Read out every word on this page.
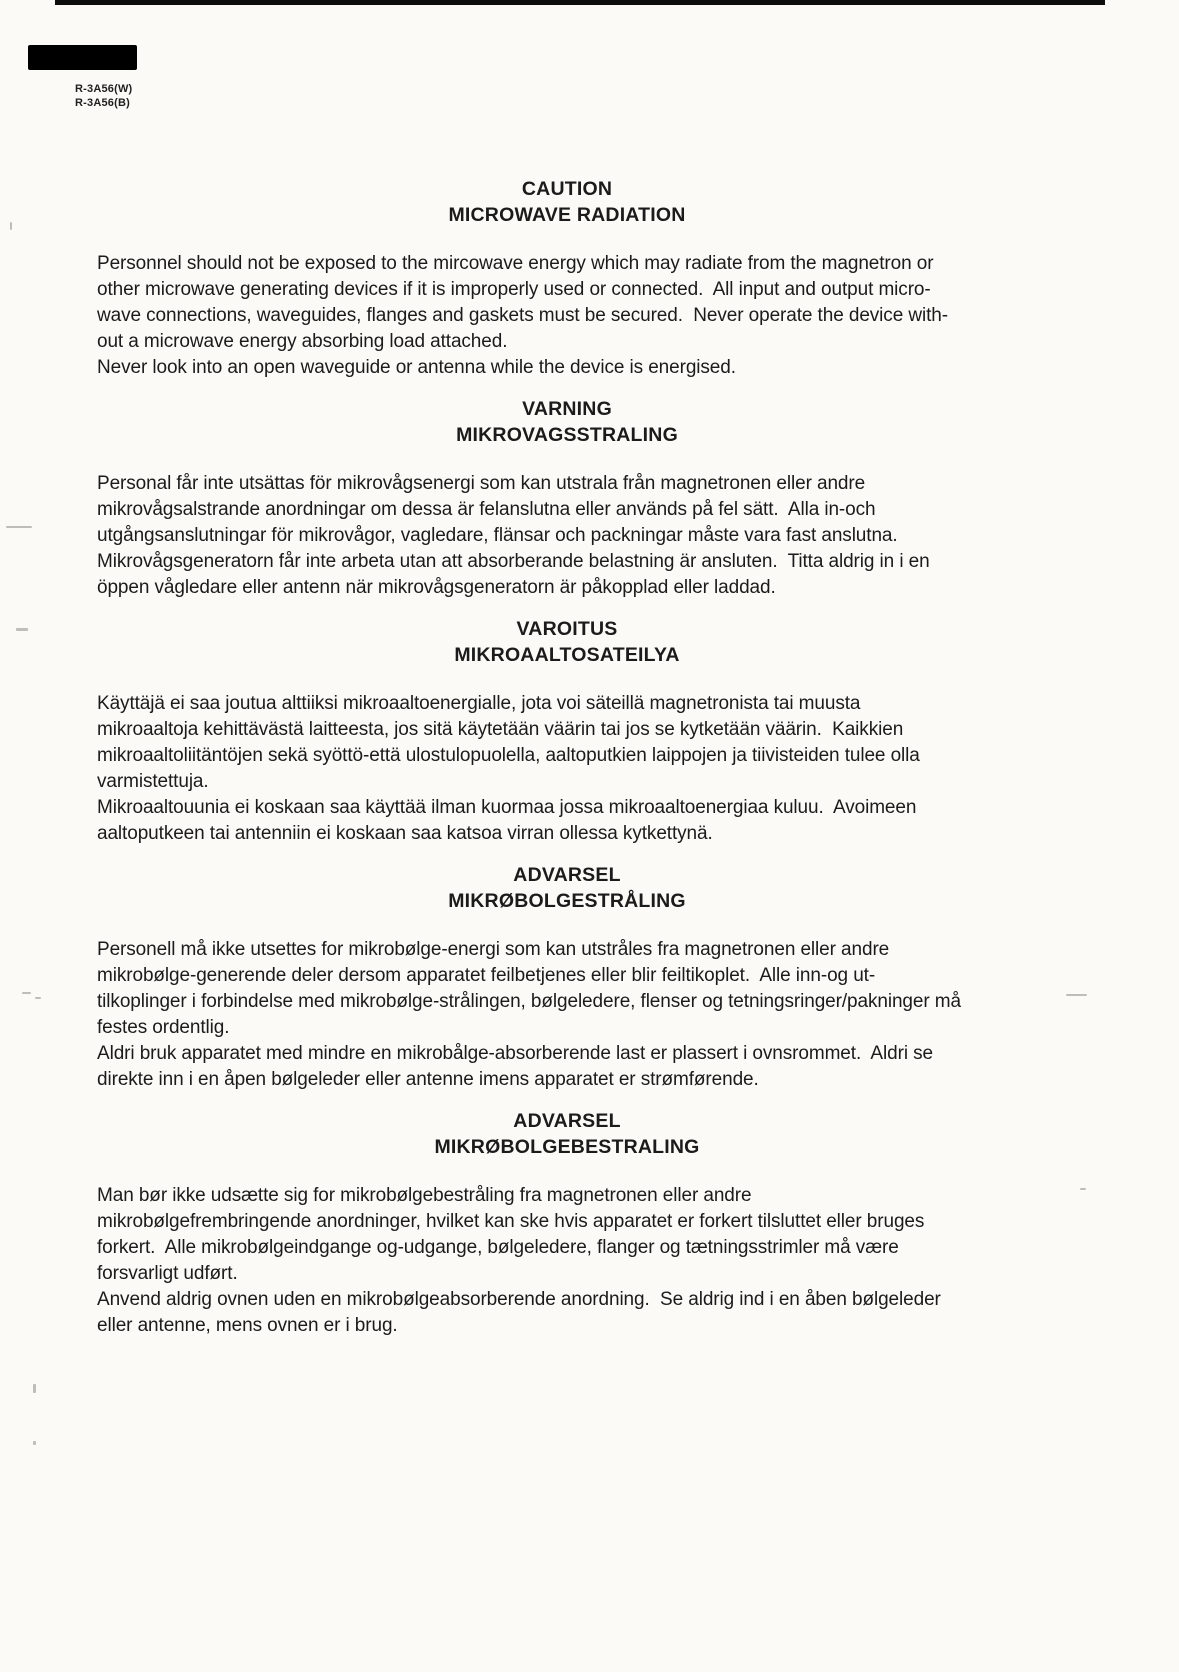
R-3A56(W)
R-3A56(B)
CAUTION
MICROWAVE RADIATION
Personnel should not be exposed to the mircowave energy which may radiate from the magnetron or
other microwave generating devices if it is improperly used or connected.  All input and output micro-
wave connections, waveguides, flanges and gaskets must be secured.  Never operate the device with-
out a microwave energy absorbing load attached.
Never look into an open waveguide or antenna while the device is energised.
VARNING
MIKROVAGSSTRALING
Personal får inte utsättas för mikrovågsenergi som kan utstrala från magnetronen eller andre
mikrovågsalstrande anordningar om dessa är felanslutna eller används på fel sätt.  Alla in-och
utgångsanslutningar för mikrovågor, vagledare, flänsar och packningar måste vara fast anslutna.
Mikrovågsgeneratorn får inte arbeta utan att absorberande belastning är ansluten.  Titta aldrig in i en
öppen vågledare eller antenn när mikrovågsgeneratorn är påkopplad eller laddad.
VAROITUS
MIKROAALTOSATEILYA
Käyttäjä ei saa joutua alttiiksi mikroaaltoenergialle, jota voi säteillä magnetronista tai muusta
mikroaaltoja kehittävästä laitteesta, jos sitä käytetään väärin tai jos se kytketään väärin.  Kaikkien
mikroaaltoliitäntöjen sekä syöttö-että ulostulopuolella, aaltoputkien laippojen ja tiivisteiden tulee olla
varmistettuja.
Mikroaaltouunia ei koskaan saa käyttää ilman kuormaa jossa mikroaaltoenergiaa kuluu.  Avoimeen
aaltoputkeen tai antenniin ei koskaan saa katsoa virran ollessa kytkettynä.
ADVARSEL
MIKRØBOLGESTRÅLING
Personell må ikke utsettes for mikrobølge-energi som kan utstråles fra magnetronen eller andre
mikrobølge-generende deler dersom apparatet feilbetjenes eller blir feiltikoplet.  Alle inn-og ut-
tilkoplinger i forbindelse med mikrobølge-strålingen, bølgeledere, flenser og tetningsringer/pakninger må
festes ordentlig.
Aldri bruk apparatet med mindre en mikrobålge-absorberende last er plassert i ovnsrommet.  Aldri se
direkte inn i en åpen bølgeleder eller antenne imens apparatet er strømførende.
ADVARSEL
MIKRØBOLGEBESTRALING
Man bør ikke udsætte sig for mikrobølgebestråling fra magnetronen eller andre
mikrobølgefrembringende anordninger, hvilket kan ske hvis apparatet er forkert tilsluttet eller bruges
forkert.  Alle mikrobølgeindgange og-udgange, bølgeledere, flanger og tætningsstrimler må være
forsvarligt udført.
Anvend aldrig ovnen uden en mikrobølgeabsorberende anordning.  Se aldrig ind i en åben bølgeleder
eller antenne, mens ovnen er i brug.
